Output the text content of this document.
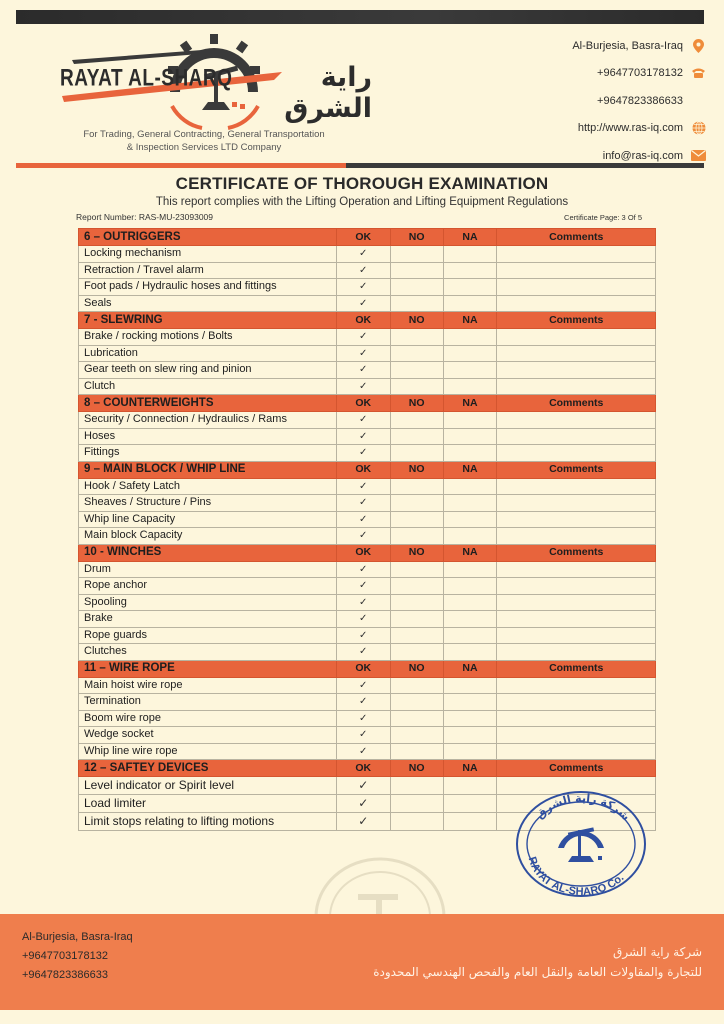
RAYAT AL-SHARQ	راية الشرق
For Trading, General Contracting, General Transportation
& Inspection Services LTD Company
Al-Burjesia, Basra-Iraq
+9647703178132
+9647823386633
http://www.ras-iq.com
info@ras-iq.com
CERTIFICATE OF THOROUGH EXAMINATION
This report complies with the Lifting Operation and Lifting Equipment Regulations
Report Number: RAS-MU-23093009	Certificate Page: 3 Of 5
6 – OUTRIGGERS	OK	NO	NA	Comments
Locking mechanism	✓			
Retraction / Travel alarm	✓			
Foot pads / Hydraulic hoses and fittings	✓			
Seals	✓			
7 - SLEWRING	OK	NO	NA	Comments
Brake / rocking motions / Bolts	✓			
Lubrication	✓			
Gear teeth on slew ring and pinion	✓			
Clutch	✓			
8 – COUNTERWEIGHTS	OK	NO	NA	Comments
Security / Connection / Hydraulics / Rams	✓			
Hoses	✓			
Fittings	✓			
9 – MAIN BLOCK / WHIP LINE	OK	NO	NA	Comments
Hook / Safety Latch	✓			
Sheaves / Structure / Pins	✓			
Whip line Capacity	✓			
Main block Capacity	✓			
10 - WINCHES	OK	NO	NA	Comments
Drum	✓			
Rope anchor	✓			
Spooling	✓			
Brake	✓			
Rope guards	✓			
Clutches	✓			
11 – WIRE ROPE	OK	NO	NA	Comments
Main hoist wire rope	✓			
Termination	✓			
Boom wire rope	✓			
Wedge socket	✓			
Whip line wire rope	✓			
12 – SAFTEY DEVICES	OK	NO	NA	Comments
Level indicator or Spirit level	✓			
Load limiter	✓			
Limit stops relating to lifting motions	✓				شركة راية الشرق
RAYAT AL-SHARQ Co.
Al-Burjesia, Basra-Iraq
+9647703178132
+9647823386633
شركة راية الشرق
للتجارة والمقاولات العامة والنقل العام والفحص الهندسي المحدودة
